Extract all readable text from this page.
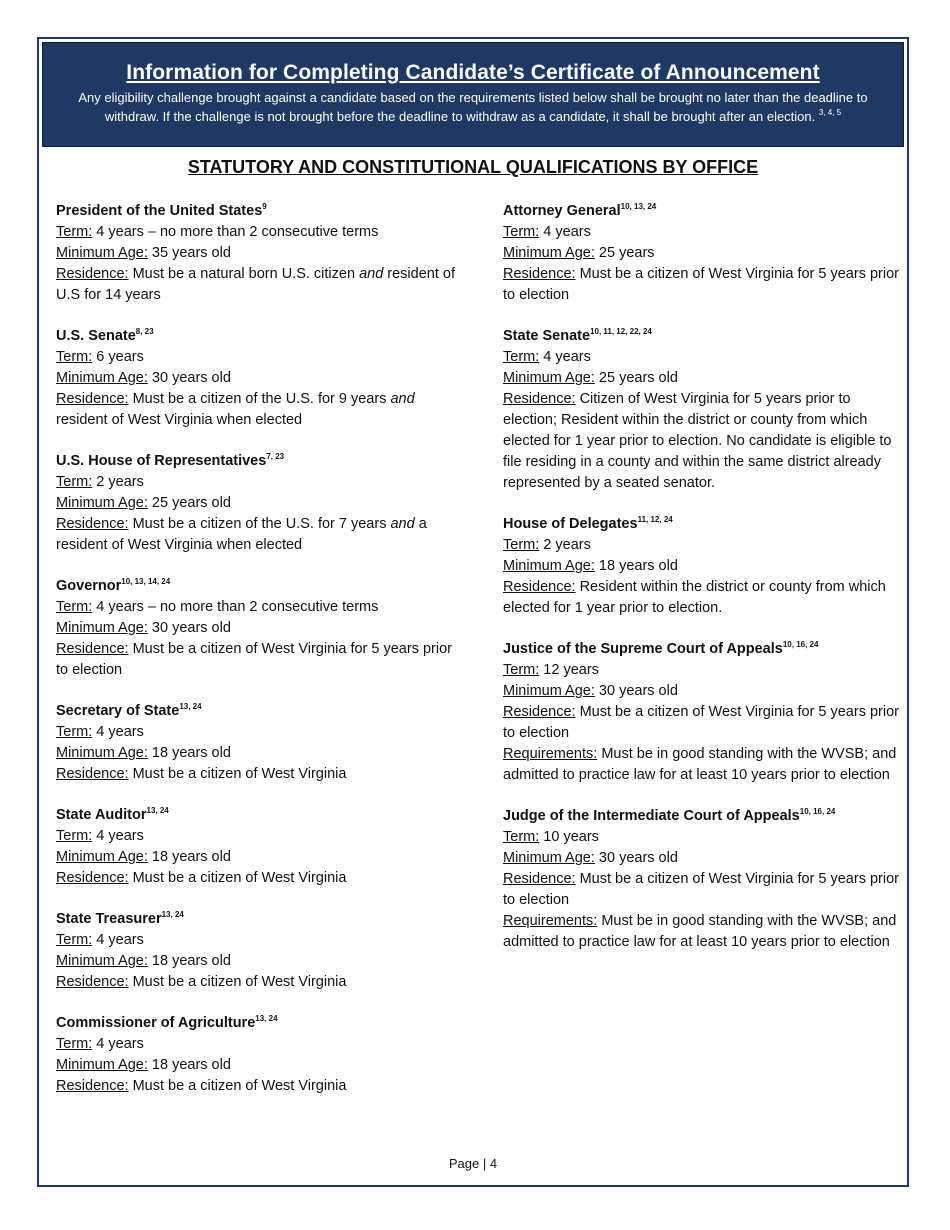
Information for Completing Candidate’s Certificate of Announcement
Any eligibility challenge brought against a candidate based on the requirements listed below shall be brought no later than the deadline to withdraw. If the challenge is not brought before the deadline to withdraw as a candidate, it shall be brought after an election. $^{3, 4, 5}$
STATUTORY AND CONSTITUTIONAL QUALIFICATIONS BY OFFICE
President of the United States$^9$
Term: 4 years – no more than 2 consecutive terms
Minimum Age: 35 years old
Residence: Must be a natural born U.S. citizen and resident of U.S for 14 years
U.S. Senate$^{8, 23}$
Term: 6 years
Minimum Age: 30 years old
Residence: Must be a citizen of the U.S. for 9 years and resident of West Virginia when elected
U.S. House of Representatives$^{7, 23}$
Term: 2 years
Minimum Age: 25 years old
Residence: Must be a citizen of the U.S. for 7 years and a resident of West Virginia when elected
Governor$^{10, 13, 14, 24}$
Term: 4 years – no more than 2 consecutive terms
Minimum Age: 30 years old
Residence: Must be a citizen of West Virginia for 5 years prior to election
Secretary of State$^{13, 24}$
Term: 4 years
Minimum Age: 18 years old
Residence: Must be a citizen of West Virginia
State Auditor$^{13, 24}$
Term: 4 years
Minimum Age: 18 years old
Residence: Must be a citizen of West Virginia
State Treasurer$^{13, 24}$
Term: 4 years
Minimum Age: 18 years old
Residence: Must be a citizen of West Virginia
Commissioner of Agriculture$^{13, 24}$
Term: 4 years
Minimum Age: 18 years old
Residence: Must be a citizen of West Virginia
Attorney General$^{10, 13, 24}$
Term: 4 years
Minimum Age: 25 years
Residence: Must be a citizen of West Virginia for 5 years prior to election
State Senate$^{10, 11, 12, 22, 24}$
Term: 4 years
Minimum Age: 25 years old
Residence: Citizen of West Virginia for 5 years prior to election; Resident within the district or county from which elected for 1 year prior to election. No candidate is eligible to file residing in a county and within the same district already represented by a seated senator.
House of Delegates$^{11, 12, 24}$
Term: 2 years
Minimum Age: 18 years old
Residence: Resident within the district or county from which elected for 1 year prior to election.
Justice of the Supreme Court of Appeals$^{10, 16, 24}$
Term: 12 years
Minimum Age: 30 years old
Residence: Must be a citizen of West Virginia for 5 years prior to election
Requirements: Must be in good standing with the WVSB; and admitted to practice law for at least 10 years prior to election
Judge of the Intermediate Court of Appeals$^{10, 16, 24}$
Term: 10 years
Minimum Age: 30 years old
Residence: Must be a citizen of West Virginia for 5 years prior to election
Requirements: Must be in good standing with the WVSB; and admitted to practice law for at least 10 years prior to election
Page | 4
